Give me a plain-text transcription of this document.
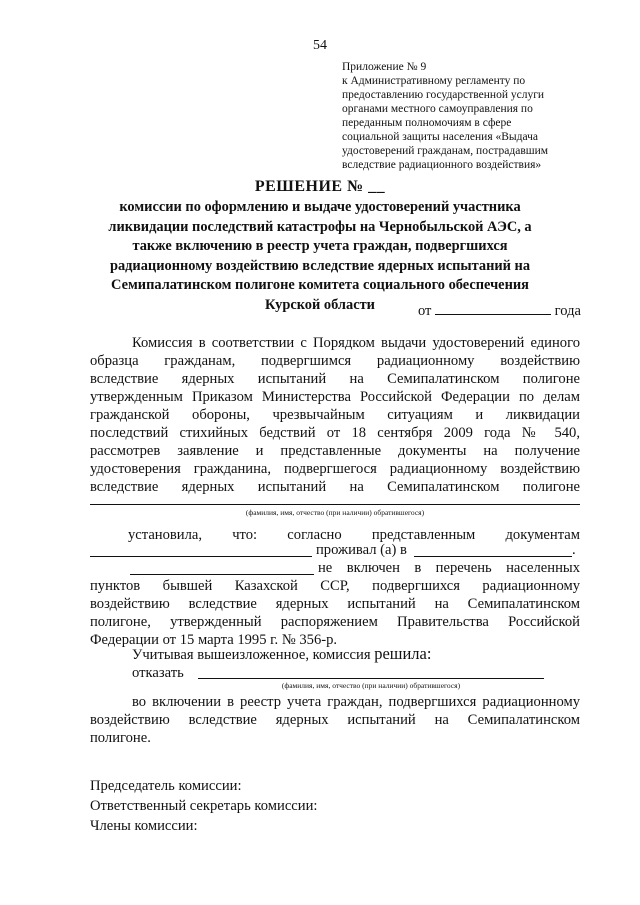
54
Приложение № 9
к Административному регламенту по
предоставлению государственной услуги
органами местного самоуправления по
переданным полномочиям в сфере
социальной защиты населения «Выдача
удостоверений гражданам, пострадавшим
вследствие радиационного воздействия»
РЕШЕНИЕ № __
комиссии по оформлению и выдаче удостоверений участника
ликвидации последствий катастрофы на Чернобыльской АЭС, а
также включению в реестр учета граждан, подвергшихся
радиационному воздействию вследствие ядерных испытаний на
Семипалатинском полигоне комитета социального обеспечения
Курской области	от	года
Комиссия в соответствии с Порядком выдачи удостоверений единого
образца гражданам, подвергшимся радиационному воздействию
вследствие ядерных испытаний на Семипалатинском полигоне
утвержденным Приказом Министерства Российской Федерации по делам
гражданской обороны, чрезвычайным ситуациям и ликвидации
последствий стихийных бедствий от 18 сентября 2009 года № 540,
рассмотрев заявление и представленные документы на получение
удостоверения гражданина, подвергшегося радиационному воздействию
вследствие ядерных испытаний на Семипалатинском полигоне
(фамилия, имя, отчество (при наличии) обратившегося)
установила, что: согласно представленным документам
проживал (а) в	.
не включен в перечень населенных
пунктов бывшей Казахской ССР, подвергшихся радиационному
воздействию вследствие ядерных испытаний на Семипалатинском
полигоне, утвержденный распоряжением Правительства Российской
Федерации от 15 марта 1995 г. № 356-р.
Учитывая вышеизложенное, комиссия решила:
отказать
(фамилия, имя, отчество (при наличии) обратившегося)
во включении в реестр учета граждан, подвергшихся радиационному
воздействию вследствие ядерных испытаний на Семипалатинском
полигоне.
Председатель комиссии:
Ответственный секретарь комиссии:
Члены комиссии:
